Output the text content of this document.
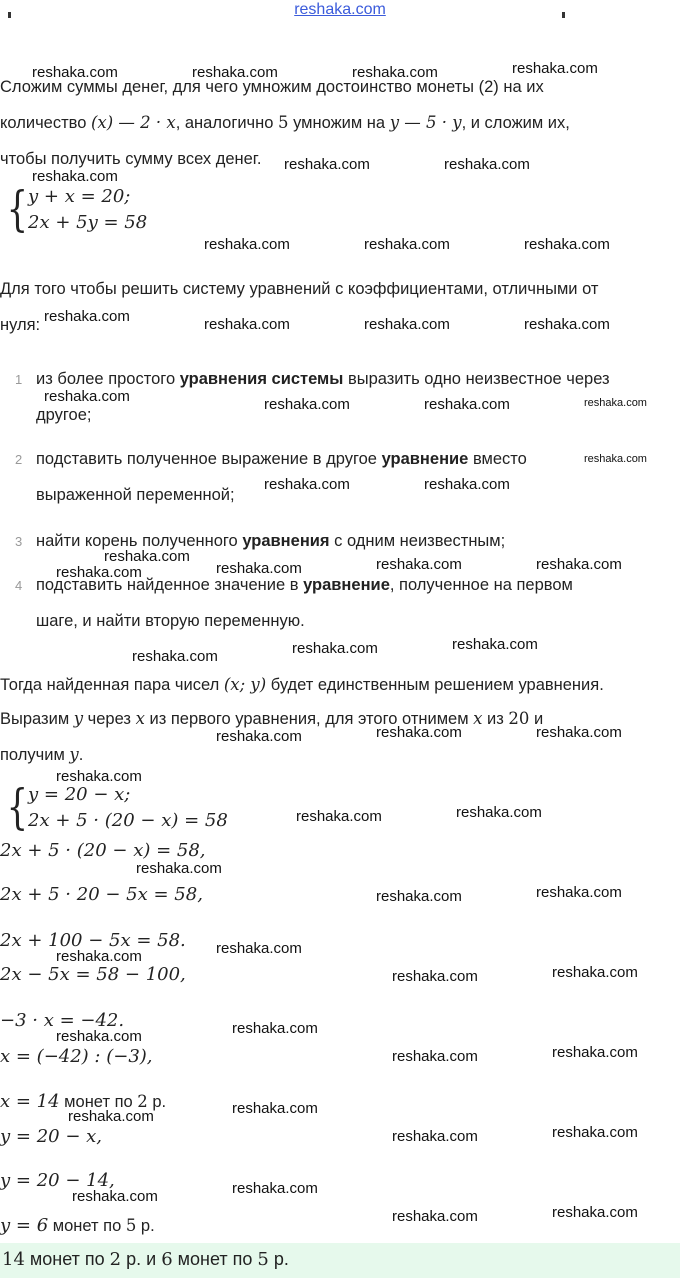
reshaka.com
Сложим суммы денег, для чего умножим достоинство монеты (2) на их
количество (x) — 2 · x, аналогично 5 умножим на y — 5 · y, и сложим их,
чтобы получить сумму всех денег.
{ y + x = 20;
2x + 5y = 58
Для того чтобы решить систему уравнений с коэффициентами, отличными от
нуля:
1 из более простого уравнения системы выразить одно неизвестное через
другое;
2 подставить полученное выражение в другое уравнение вместо
выраженной переменной;
3 найти корень полученного уравнения с одним неизвестным;
4 подставить найденное значение в уравнение, полученное на первом
шаге, и найти вторую переменную.
Тогда найденная пара чисел (x; y) будет единственным решением уравнения.
Выразим y через x из первого уравнения, для этого отнимем x из 20 и
получим y.
{ y = 20 − x;
2x + 5 · (20 − x) = 58
2x + 5 · (20 − x) = 58,
2x + 5 · 20 − 5x = 58,
2x + 100 − 5x = 58.
2x − 5x = 58 − 100,
−3 · x = −42.
x = (−42) : (−3),
x = 14 монет по 2 р.
y = 20 − x,
y = 20 − 14,
y = 6 монет по 5 р.
14 монет по 2 р. и 6 монет по 5 р.
reshaka.com	reshaka.com	reshaka.com	reshaka.com
reshaka.com	reshaka.com
reshaka.com
reshaka.com	reshaka.com	reshaka.com
reshaka.com	reshaka.com	reshaka.com	reshaka.com
reshaka.com	reshaka.com	reshaka.com	reshaka.com
reshaka.com
reshaka.com	reshaka.com
reshaka.com	reshaka.com	reshaka.com
reshaka.com	reshaka.com
reshaka.com
reshaka.com
reshaka.com
reshaka.com	reshaka.com
reshaka.com
reshaka.com
reshaka.com
reshaka.com
reshaka.com
reshaka.com
reshaka.com
reshaka.com
reshaka.com
reshaka.com
reshaka.com
reshaka.com
reshaka.com
reshaka.com
reshaka.com
reshaka.com
reshaka.com
reshaka.com
reshaka.com
reshaka.com
reshaka.com
reshaka.com
reshaka.com
